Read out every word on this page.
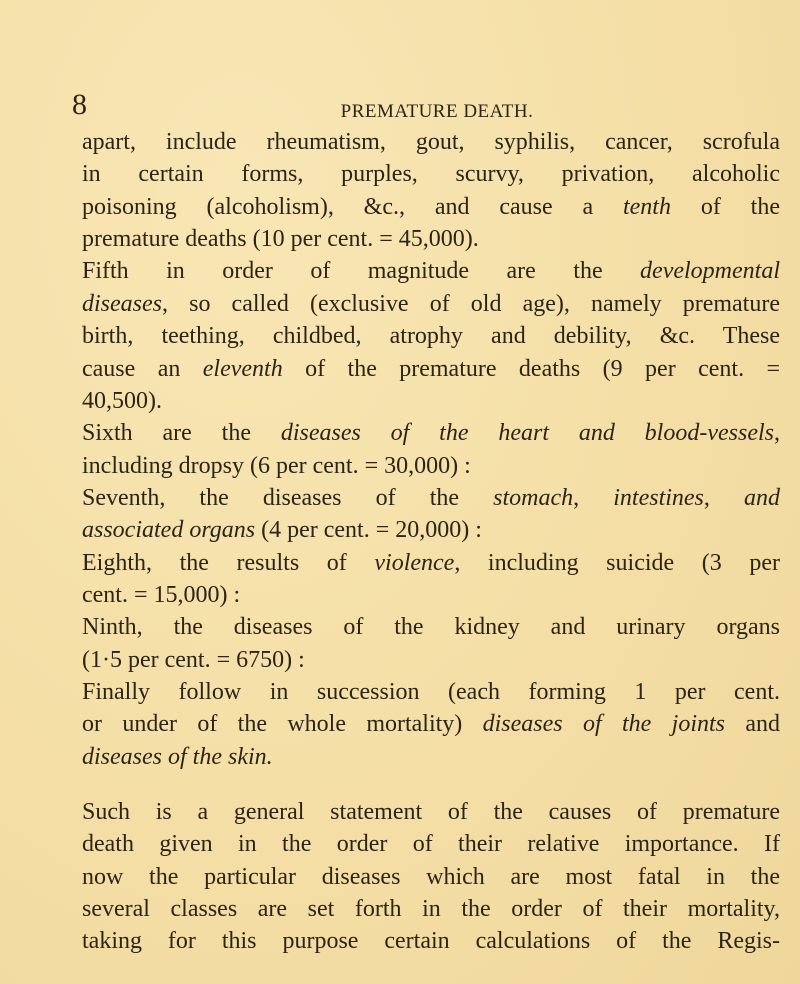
8	PREMATURE DEATH.
apart, include rheumatism, gout, syphilis, cancer, scrofula
in certain forms, purples, scurvy, privation, alcoholic
poisoning (alcoholism), &c., and cause a tenth of the
premature deaths (10 per cent. = 45,000).
Fifth in order of magnitude are the developmental
diseases, so called (exclusive of old age), namely premature
birth, teething, childbed, atrophy and debility, &c. These
cause an eleventh of the premature deaths (9 per cent. =
40,500).
Sixth are the diseases of the heart and blood-vessels,
including dropsy (6 per cent. = 30,000) :
Seventh, the diseases of the stomach, intestines, and
associated organs (4 per cent. = 20,000) :
Eighth, the results of violence, including suicide (3 per
cent. = 15,000) :
Ninth, the diseases of the kidney and urinary organs
(1·5 per cent. = 6750) :
Finally follow in succession (each forming 1 per cent.
or under of the whole mortality) diseases of the joints and
diseases of the skin.
Such is a general statement of the causes of premature
death given in the order of their relative importance. If
now the particular diseases which are most fatal in the
several classes are set forth in the order of their mortality,
taking for this purpose certain calculations of the Regis-
